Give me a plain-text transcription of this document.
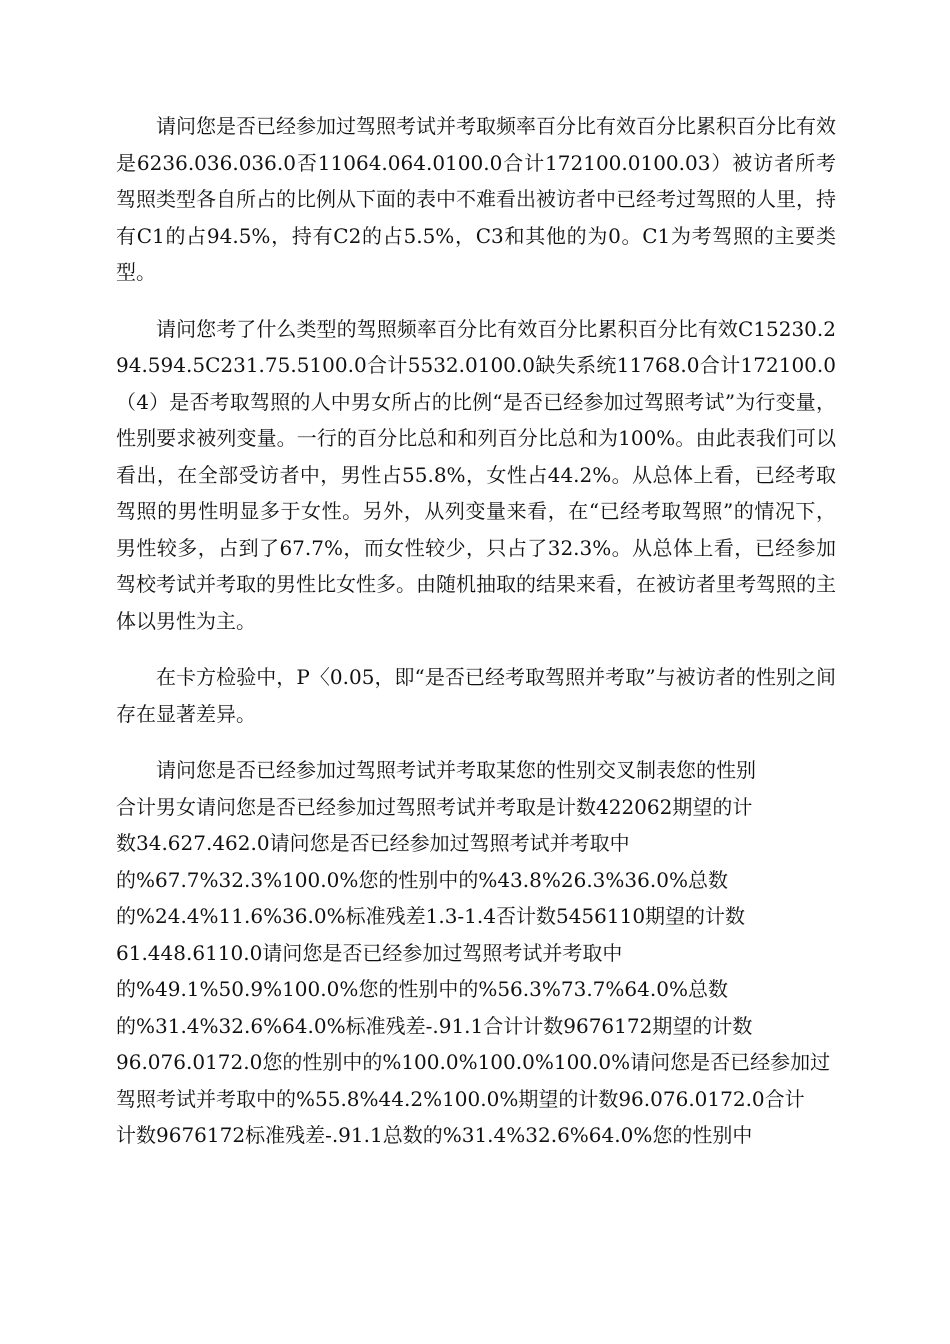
请问您是否已经参加过驾照考试并考取频率百分比有效百分比累积百分比有效是6236.036.036.0否11064.064.0100.0合计172100.0100.03）被访者所考驾照类型各自所占的比例从下面的表中不难看出被访者中已经考过驾照的人里，持有C1的占94.5%，持有C2的占5.5%，C3和其他的为0。C1为考驾照的主要类型。

请问您考了什么类型的驾照频率百分比有效百分比累积百分比有效C15230.294.594.5C231.75.5100.0合计5532.0100.0缺失系统11768.0合计172100.0（4）是否考取驾照的人中男女所占的比例“是否已经参加过驾照考试”为行变量，性别要求被列变量。一行的百分比总和和列百分比总和为100%。由此表我们可以看出，在全部受访者中，男性占55.8%，女性占44.2%。从总体上看，已经考取驾照的男性明显多于女性。另外，从列变量来看，在“已经考取驾照”的情况下，男性较多，占到了67.7%，而女性较少，只占了32.3%。从总体上看，已经参加驾校考试并考取的男性比女性多。由随机抽取的结果来看，在被访者里考驾照的主体以男性为主。

在卡方检验中，P〈0.05，即“是否已经考取驾照并考取”与被访者的性别之间存在显著差异。

请问您是否已经参加过驾照考试并考取某您的性别交叉制表您的性别
合计男女请问您是否已经参加过驾照考试并考取是计数422062期望的计
数34.627.462.0请问您是否已经参加过驾照考试并考取中
的%67.7%32.3%100.0%您的性别中的%43.8%26.3%36.0%总数
的%24.4%11.6%36.0%标准残差1.3-1.4否计数5456110期望的计数
61.448.6110.0请问您是否已经参加过驾照考试并考取中
的%49.1%50.9%100.0%您的性别中的%56.3%73.7%64.0%总数
的%31.4%32.6%64.0%标准残差-.91.1合计计数9676172期望的计数
96.076.0172.0您的性别中的%100.0%100.0%100.0%请问您是否已经参加过
驾照考试并考取中的%55.8%44.2%100.0%期望的计数96.076.0172.0合计
计数9676172标准残差-.91.1总数的%31.4%32.6%64.0%您的性别中
